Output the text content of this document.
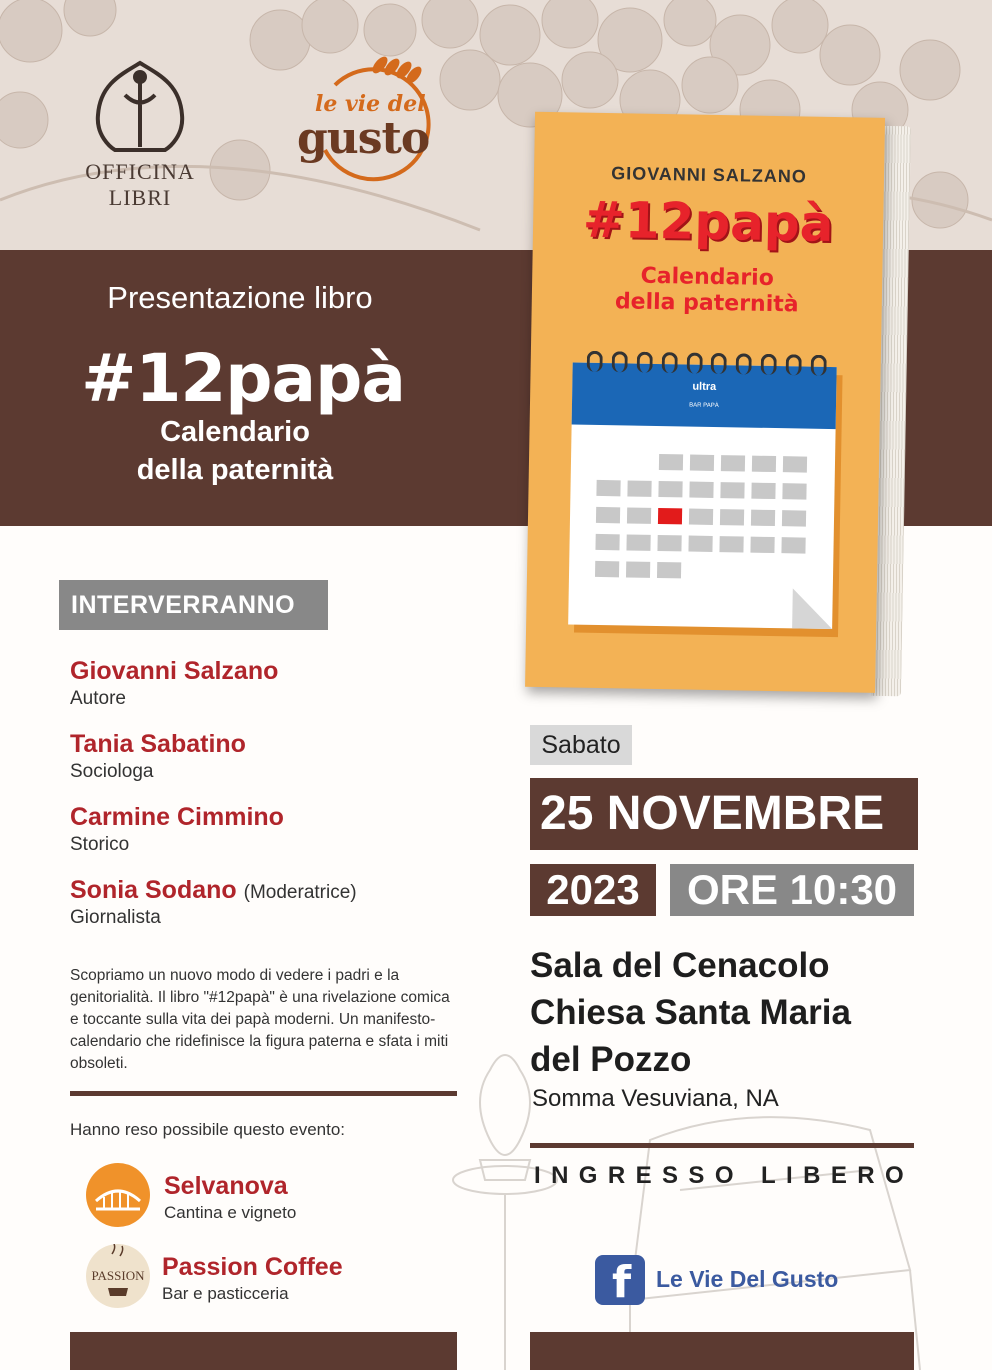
OFFICINA LIBRI
le vie del
gusto
Presentazione libro
#12papà
Calendario
della paternità
GIOVANNI SALZANO
#12papà
Calendario
della paternità
ultra
BAR PAPÀ
INTERVERRANNO
Giovanni Salzano
Autore
Tania Sabatino
Sociologa
Carmine Cimmino
Storico
Sonia Sodano (Moderatrice)
Giornalista
Scopriamo un nuovo modo di vedere i padri e la genitorialità. Il libro "#12papà" è una rivelazione comica e toccante sulla vita dei papà moderni. Un manifesto-calendario che ridefinisce la figura paterna e sfata i miti obsoleti.
Hanno reso possibile questo evento:
Selvanova
Cantina e vigneto
PASSION Passion Coffee
Bar e pasticceria
Sabato
25 NOVEMBRE
2023	ORE 10:30
Sala del Cenacolo
Chiesa Santa Maria
del Pozzo
Somma Vesuviana, NA
INGRESSO LIBERO
f Le Vie Del Gusto
